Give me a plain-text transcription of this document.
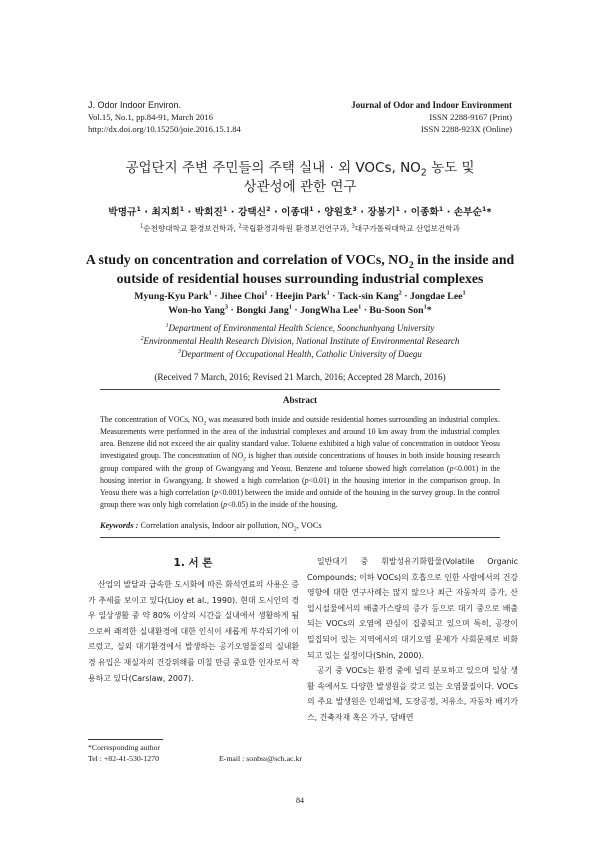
J. Odor Indoor Environ.
Vol.15, No.1, pp.84-91, March 2016
http://dx.doi.org/10.15250/joie.2016.15.1.84
Journal of Odor and Indoor Environment
ISSN 2288-9167 (Print)
ISSN 2288-923X (Online)
공업단지 주변 주민들의 주택 실내 · 외 VOCs, $NO_2$ 농도 및
상관성에 관한 연구
박명규$^1$ · 최지희$^1$ · 박희진$^1$ · 강택신$^2$ · 이종대$^1$ · 양원호$^3$ · 장봉기$^1$ · 이종화$^1$ · 손부순$^1$*
$^1$순천향대학교 환경보건학과, $^2$국립환경과학원 환경보건연구과, $^3$대구가톨릭대학교 산업보건학과
A study on concentration and correlation of VOCs, $NO_2$ in the inside and
outside of residential houses surrounding industrial complexes
Myung-Kyu Park$^1$ · Jihee Choi$^1$ · Heejin Park$^1$ · Tack-sin Kang$^2$ · Jongdae Lee$^1$
Won-ho Yang$^3$ · Bongki Jang$^1$ · JongWha Lee$^1$ · Bu-Soon Son$^1$*
$^1$Department of Environmental Health Science, Soonchunhyang University
$^2$Environmental Health Research Division, National Institute of Environmental Research
$^3$Department of Occupational Health, Catholic University of Daegu
(Received 7 March, 2016; Revised 21 March, 2016; Accepted 28 March, 2016)
Abstract
The concentration of VOCs, $NO_2$ was measured both inside and outside residential homes surrounding an industrial complex. Measurements were performed in the area of the industrial complexes and around 10 km away from the industrial complex area. Benzene did not exceed the air quality standard value. Toluene exhibited a high value of concentration in outdoor Yeosu investigated group. The concentration of $NO_2$ is higher than outside concentrations of houses in both inside housing research group compared with the group of Gwangyang and Yeosu. Benzene and toluene showed high correlation (p<0.001) in the housing interior in Gwangyang. It showed a high correlation (p<0.01) in the housing interior in the comparison group. In Yeosu there was a high correlation (p<0.001) between the inside and outside of the housing in the survey group. In the control group there was only high correlation (p<0.05) in the inside of the housing.
Keywords : Correlation analysis, Indoor air pollution, $NO_2$, VOCs
1. 서 론

산업의 발달과 급속한 도시화에 따른 화석연료의 사용은 증가 추세를 보이고 있다(Lioy et al., 1990). 현대 도시인의 경우 일상생활 중 약 80% 이상의 시간을 실내에서 생활하게 됨으로써 쾌적한 실내환경에 대한 인식이 새롭게 부각되기에 이르렀고, 실외 대기환경에서 발생하는 공기오염물질의 실내환경 유입은 재실자의 건강위해를 미칠 만큼 중요한 인자로서 작용하고 있다(Carslaw, 2007).

일반대기 중 휘발성유기화합물(Volatile Organic Compounds; 이하 VOCs)의 호흡으로 인한 사람에서의 건강영향에 대한 연구사례는 많지 않으나 최근 자동차의 증가, 산업시설물에서의 배출가스량의 증가 등으로 대기 중으로 배출되는 VOCs의 오염에 관심이 집중되고 있으며 특히, 공장이 밀집되어 있는 지역에서의 대기오염 문제가 사회문제로 비화되고 있는 실정이다(Shin, 2000).

공기 중 VOCs는 환경 중에 널리 분포하고 있으며 일상 생활 속에서도 다양한 발생원을 갖고 있는 오염물질이다. VOCs의 주요 발생원은 인쇄업체, 도장공정, 저유소, 자동차 배기가스, 건축자재 혹은 가구, 담배연

*Corresponding author
Tel : +82-41-530-1270	E-mail : sonbss@sch.ac.kr
84
